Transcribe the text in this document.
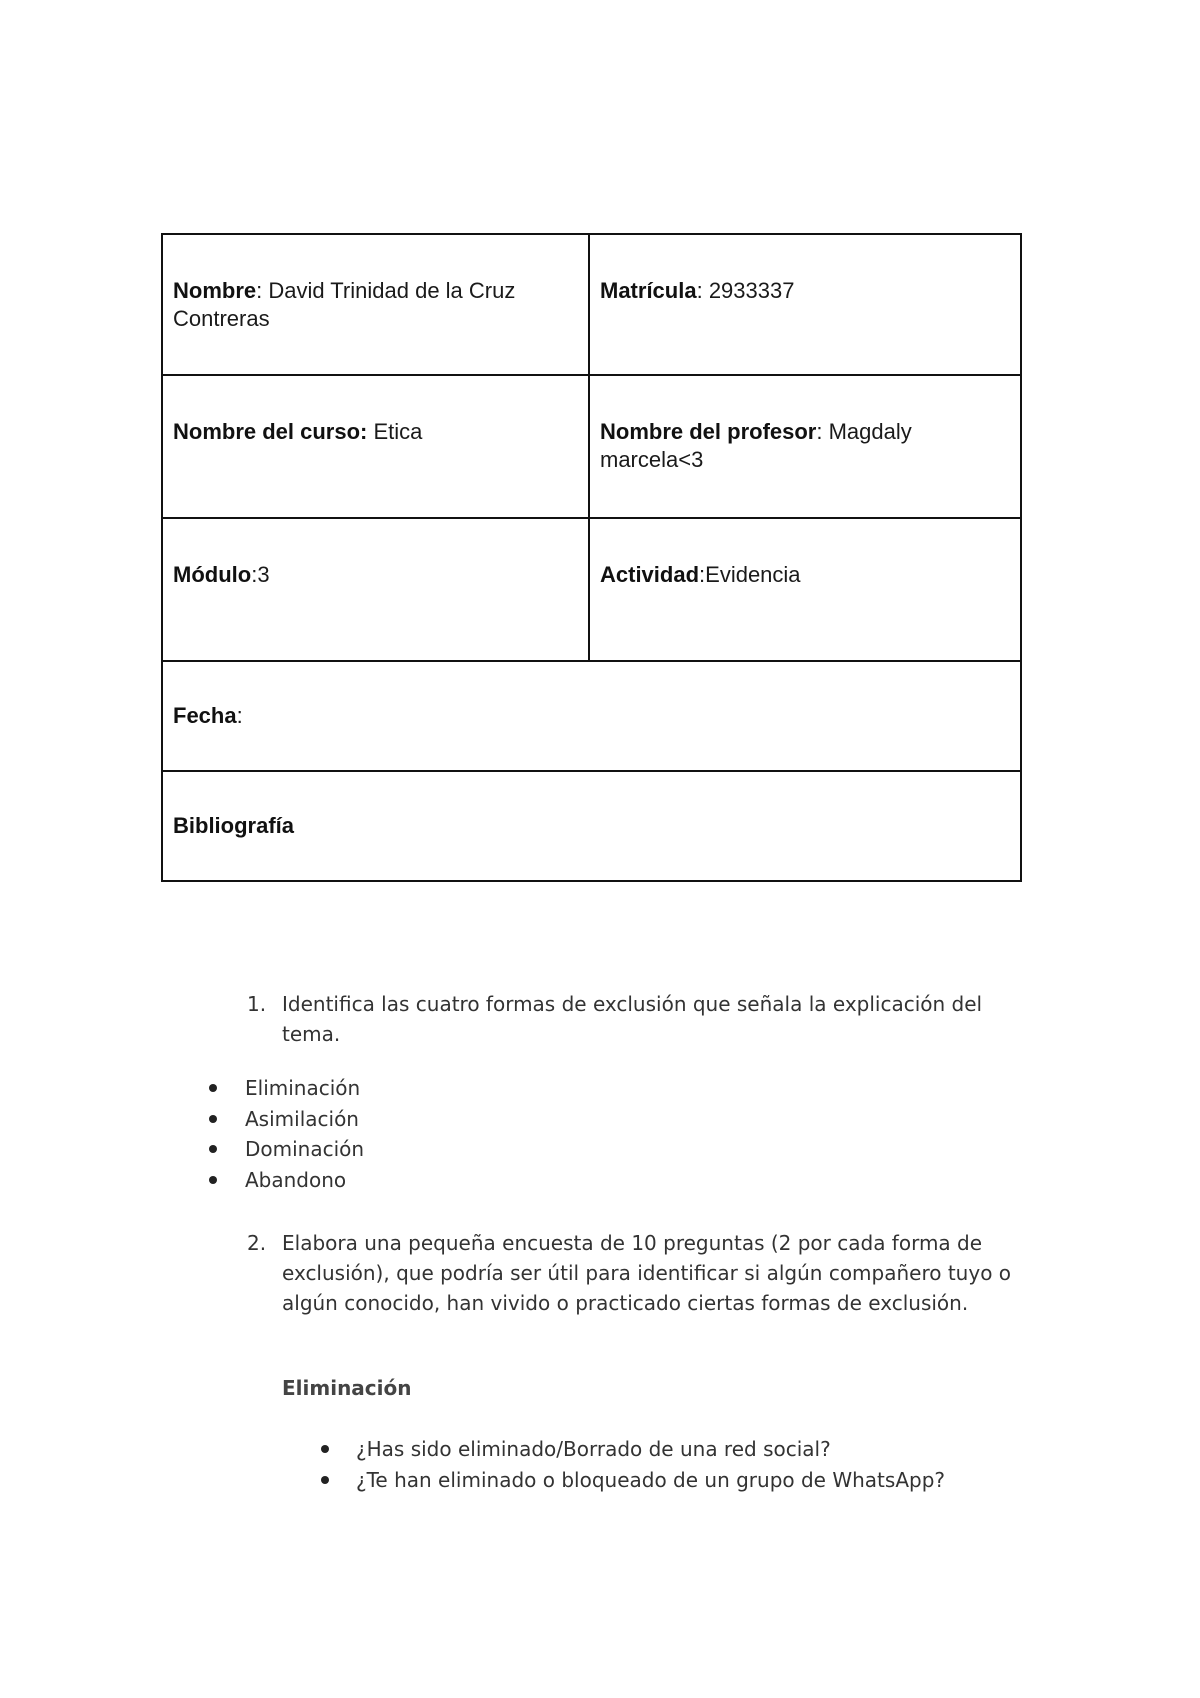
Nombre: David Trinidad de la Cruz Contreras	Matrícula: 2933337
Nombre del curso: Etica	Nombre del profesor: Magdaly marcela<3
Módulo:3	Actividad:Evidencia
Fecha:	
Bibliografía	
1. Identifica las cuatro formas de exclusión que señala la explicación del tema.
Eliminación
Asimilación
Dominación
Abandono
2. Elabora una pequeña encuesta de 10 preguntas (2 por cada forma de exclusión), que podría ser útil para identificar si algún compañero tuyo o algún conocido, han vivido o practicado ciertas formas de exclusión.
Eliminación
¿Has sido eliminado/Borrado de una red social?
¿Te han eliminado o bloqueado de un grupo de WhatsApp?
